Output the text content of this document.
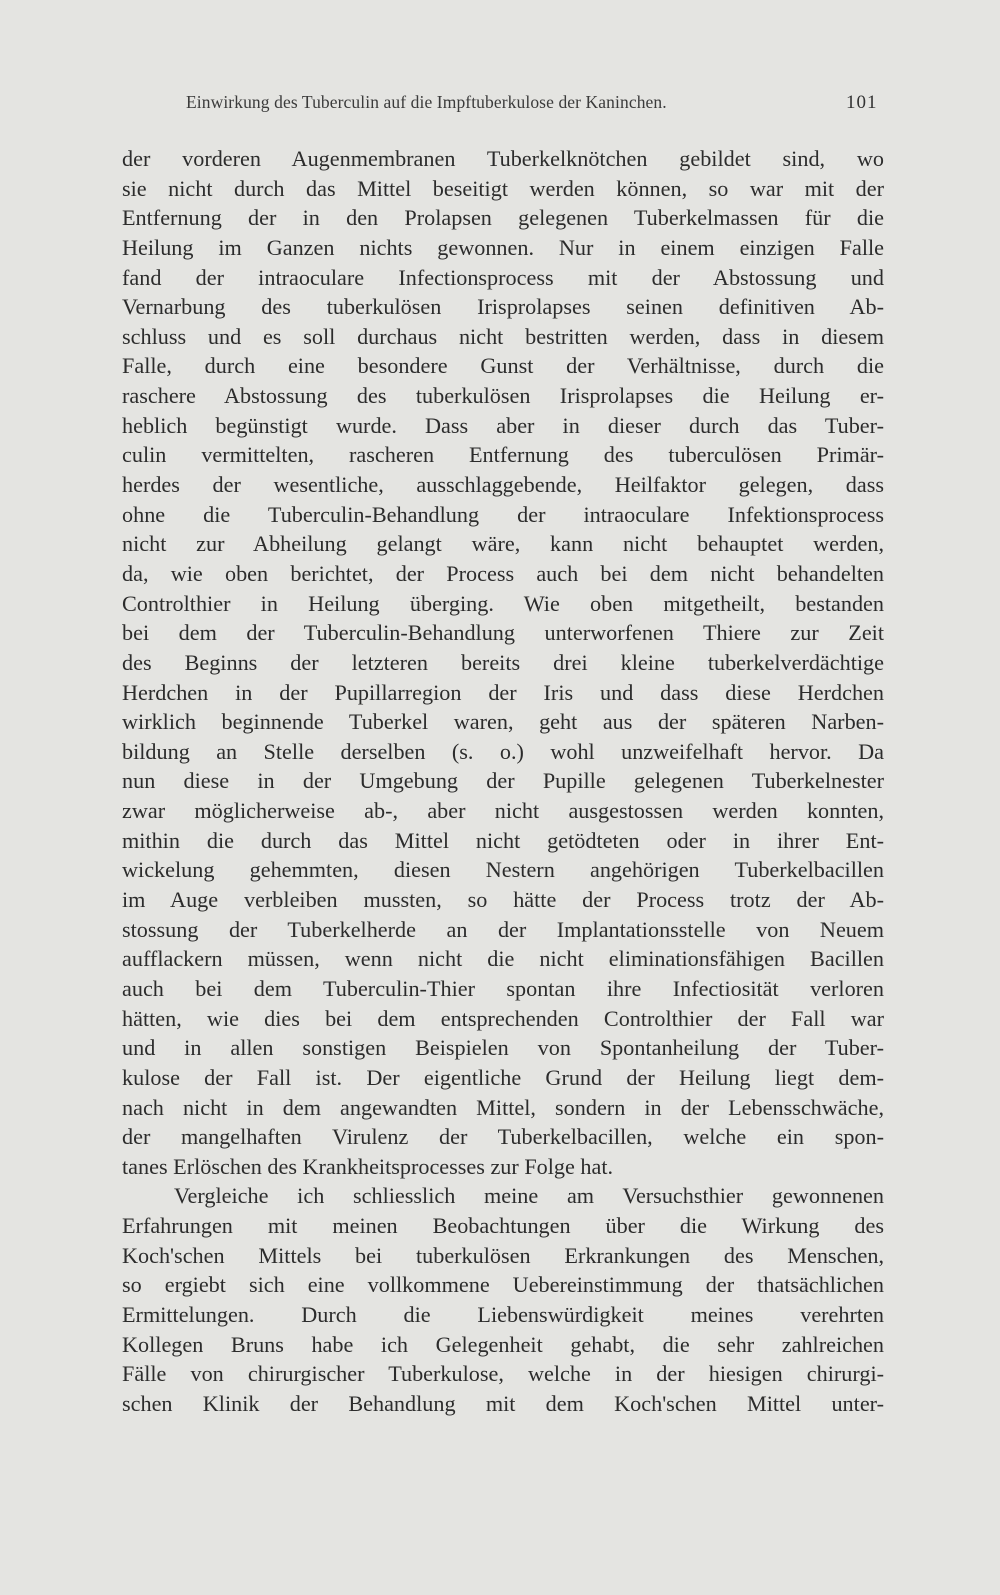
Einwirkung des Tuberculin auf die Impftuberkulose der Kaninchen.	101
der vorderen Augenmembranen Tuberkelknötchen gebildet sind, wo
sie nicht durch das Mittel beseitigt werden können, so war mit der
Entfernung der in den Prolapsen gelegenen Tuberkelmassen für die
Heilung im Ganzen nichts gewonnen. Nur in einem einzigen Falle
fand der intraoculare Infectionsprocess mit der Abstossung und
Vernarbung des tuberkulösen Irisprolapses seinen definitiven Ab-
schluss und es soll durchaus nicht bestritten werden, dass in diesem
Falle, durch eine besondere Gunst der Verhältnisse, durch die
raschere Abstossung des tuberkulösen Irisprolapses die Heilung er-
heblich begünstigt wurde. Dass aber in dieser durch das Tuber-
culin vermittelten, rascheren Entfernung des tuberculösen Primär-
herdes der wesentliche, ausschlaggebende, Heilfaktor gelegen, dass
ohne die Tuberculin-Behandlung der intraoculare Infektionsprocess
nicht zur Abheilung gelangt wäre, kann nicht behauptet werden,
da, wie oben berichtet, der Process auch bei dem nicht behandelten
Controlthier in Heilung überging. Wie oben mitgetheilt, bestanden
bei dem der Tuberculin-Behandlung unterworfenen Thiere zur Zeit
des Beginns der letzteren bereits drei kleine tuberkelverdächtige
Herdchen in der Pupillarregion der Iris und dass diese Herdchen
wirklich beginnende Tuberkel waren, geht aus der späteren Narben-
bildung an Stelle derselben (s. o.) wohl unzweifelhaft hervor. Da
nun diese in der Umgebung der Pupille gelegenen Tuberkelnester
zwar möglicherweise ab-, aber nicht ausgestossen werden konnten,
mithin die durch das Mittel nicht getödteten oder in ihrer Ent-
wickelung gehemmten, diesen Nestern angehörigen Tuberkelbacillen
im Auge verbleiben mussten, so hätte der Process trotz der Ab-
stossung der Tuberkelherde an der Implantationsstelle von Neuem
aufflackern müssen, wenn nicht die nicht eliminationsfähigen Bacillen
auch bei dem Tuberculin-Thier spontan ihre Infectiosität verloren
hätten, wie dies bei dem entsprechenden Controlthier der Fall war
und in allen sonstigen Beispielen von Spontanheilung der Tuber-
kulose der Fall ist. Der eigentliche Grund der Heilung liegt dem-
nach nicht in dem angewandten Mittel, sondern in der Lebensschwäche,
der mangelhaften Virulenz der Tuberkelbacillen, welche ein spon-
tanes Erlöschen des Krankheitsprocesses zur Folge hat.
Vergleiche ich schliesslich meine am Versuchsthier gewonnenen
Erfahrungen mit meinen Beobachtungen über die Wirkung des
Koch'schen Mittels bei tuberkulösen Erkrankungen des Menschen,
so ergiebt sich eine vollkommene Uebereinstimmung der thatsächlichen
Ermittelungen. Durch die Liebenswürdigkeit meines verehrten
Kollegen Bruns habe ich Gelegenheit gehabt, die sehr zahlreichen
Fälle von chirurgischer Tuberkulose, welche in der hiesigen chirurgi-
schen Klinik der Behandlung mit dem Koch'schen Mittel unter-
